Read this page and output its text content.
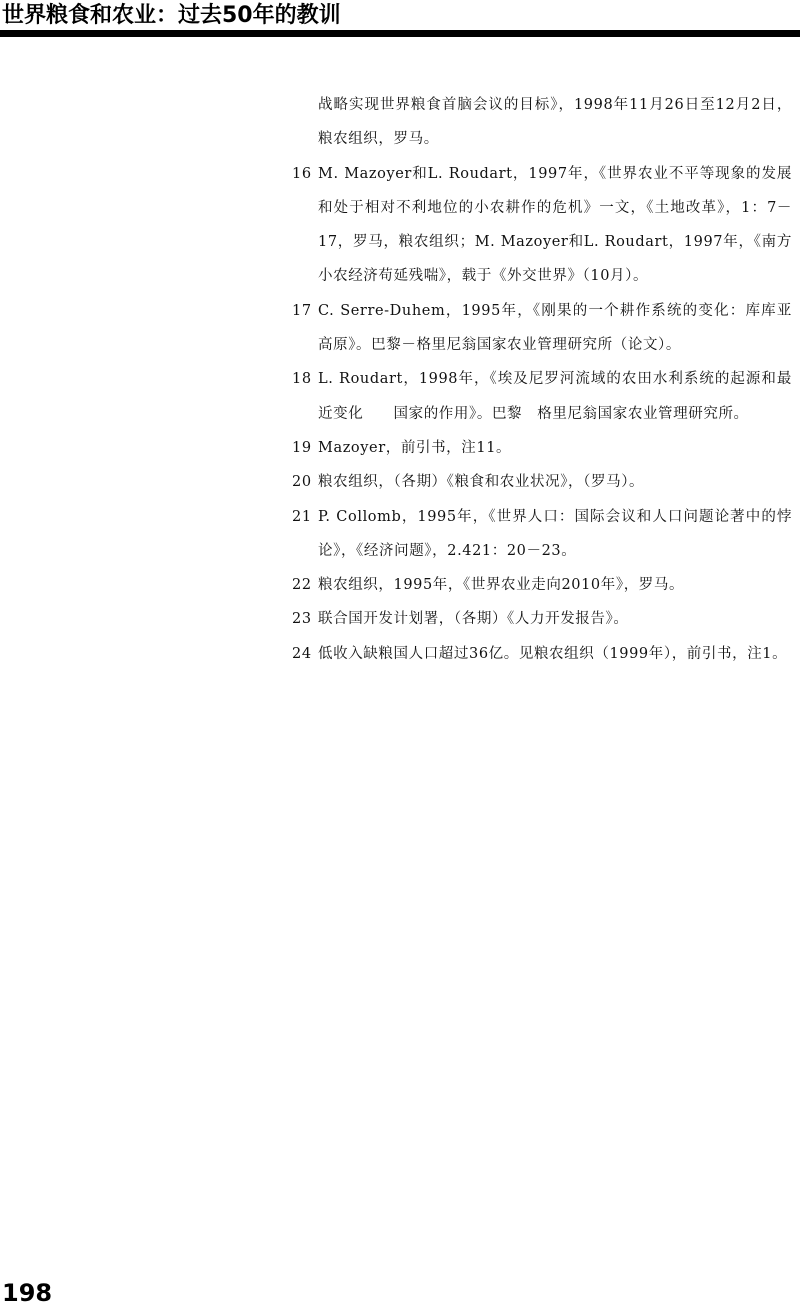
世界粮食和农业：过去50年的教训
战略实现世界粮食首脑会议的目标》，1998年11月26日至12月2日，粮农组织，罗马。
16 M. Mazoyer和L. Roudart，1997年，《世界农业不平等现象的发展和处于相对不利地位的小农耕作的危机》一文，《土地改革》，1：7－17，罗马，粮农组织；M. Mazoyer和L. Roudart，1997年，《南方小农经济苟延残喘》，载于《外交世界》（10月）。
17 C. Serre-Duhem，1995年，《刚果的一个耕作系统的变化：库库亚高原》。巴黎－格里尼翁国家农业管理研究所（论文）。
18 L. Roudart，1998年，《埃及尼罗河流域的农田水利系统的起源和最近变化　　国家的作用》。巴黎　格里尼翁国家农业管理研究所。
19 Mazoyer，前引书，注11。
20 粮农组织，（各期）《粮食和农业状况》，（罗马）。
21 P. Collomb，1995年，《世界人口：国际会议和人口问题论著中的悖论》，《经济问题》，2.421：20－23。
22 粮农组织，1995年，《世界农业走向2010年》，罗马。
23 联合国开发计划署，（各期）《人力开发报告》。
24 低收入缺粮国人口超过36亿。见粮农组织（1999年），前引书，注1。
198
